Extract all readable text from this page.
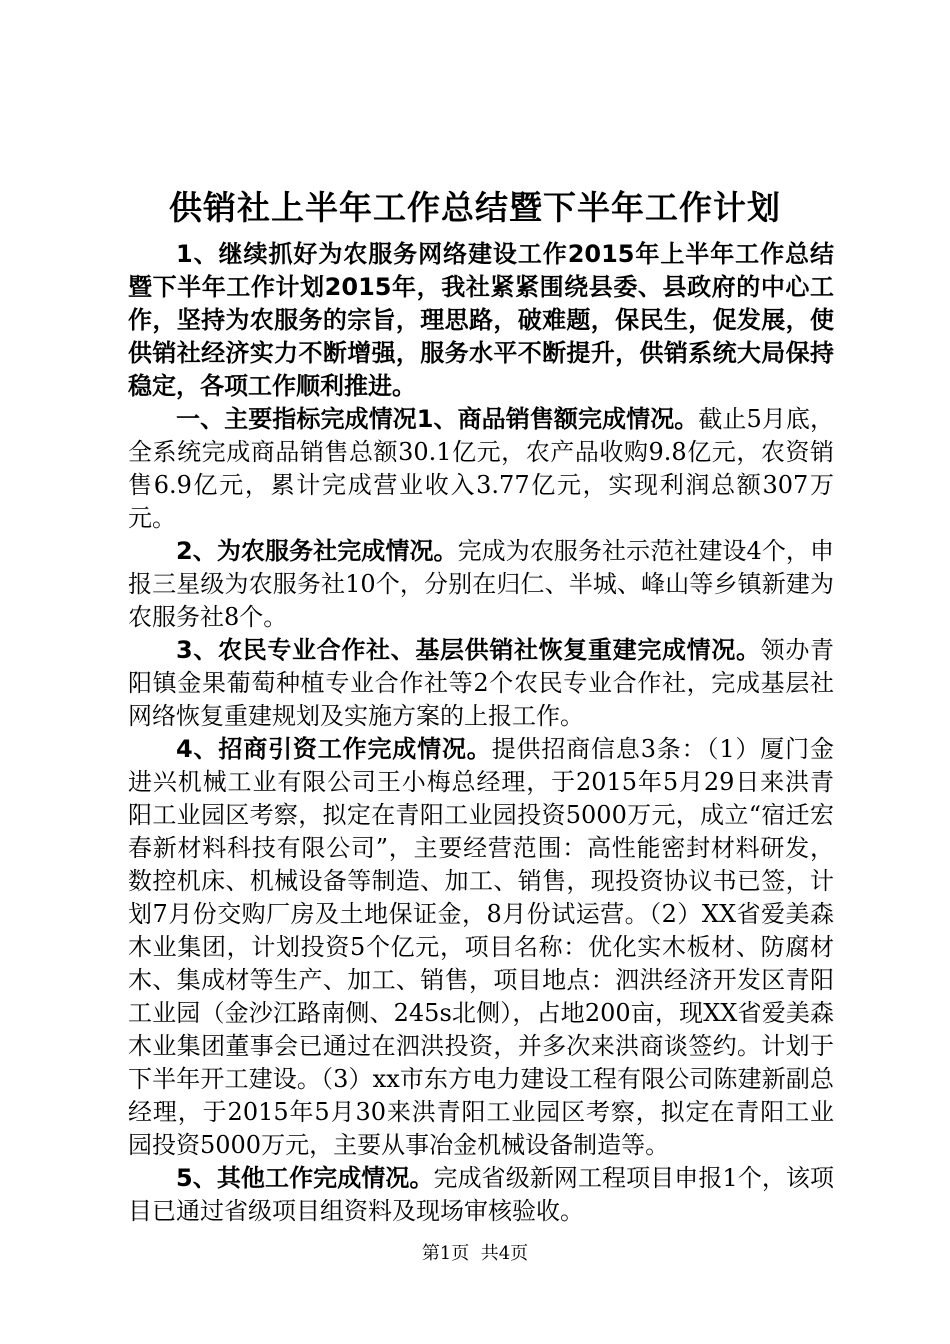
供销社上半年工作总结暨下半年工作计划

1、继续抓好为农服务网络建设工作2015年上半年工作总结暨下半年工作计划2015年，我社紧紧围绕县委、县政府的中心工作，坚持为农服务的宗旨，理思路，破难题，保民生，促发展，使供销社经济实力不断增强，服务水平不断提升，供销系统大局保持稳定，各项工作顺利推进。

一、主要指标完成情况1、商品销售额完成情况。截止5月底，全系统完成商品销售总额30.1亿元，农产品收购9.8亿元，农资销售6.9亿元，累计完成营业收入3.77亿元，实现利润总额307万元。

2、为农服务社完成情况。完成为农服务社示范社建设4个，申报三星级为农服务社10个，分别在归仁、半城、峰山等乡镇新建为农服务社8个。

3、农民专业合作社、基层供销社恢复重建完成情况。领办青阳镇金果葡萄种植专业合作社等2个农民专业合作社，完成基层社网络恢复重建规划及实施方案的上报工作。

4、招商引资工作完成情况。提供招商信息3条：（1）厦门金进兴机械工业有限公司王小梅总经理，于2015年5月29日来洪青阳工业园区考察，拟定在青阳工业园投资5000万元，成立“宿迁宏春新材料科技有限公司”，主要经营范围：高性能密封材料研发，数控机床、机械设备等制造、加工、销售，现投资协议书已签，计划7月份交购厂房及土地保证金，8月份试运营。（2）XX省爱美森木业集团，计划投资5个亿元，项目名称：优化实木板材、防腐材木、集成材等生产、加工、销售，项目地点：泗洪经济开发区青阳工业园（金沙江路南侧、245s北侧），占地200亩，现XX省爱美森木业集团董事会已通过在泗洪投资，并多次来洪商谈签约。计划于下半年开工建设。（3）xx市东方电力建设工程有限公司陈建新副总经理，于2015年5月30来洪青阳工业园区考察，拟定在青阳工业园投资5000万元，主要从事冶金机械设备制造等。

5、其他工作完成情况。完成省级新网工程项目申报1个，该项目已通过省级项目组资料及现场审核验收。

第1页 共4页
